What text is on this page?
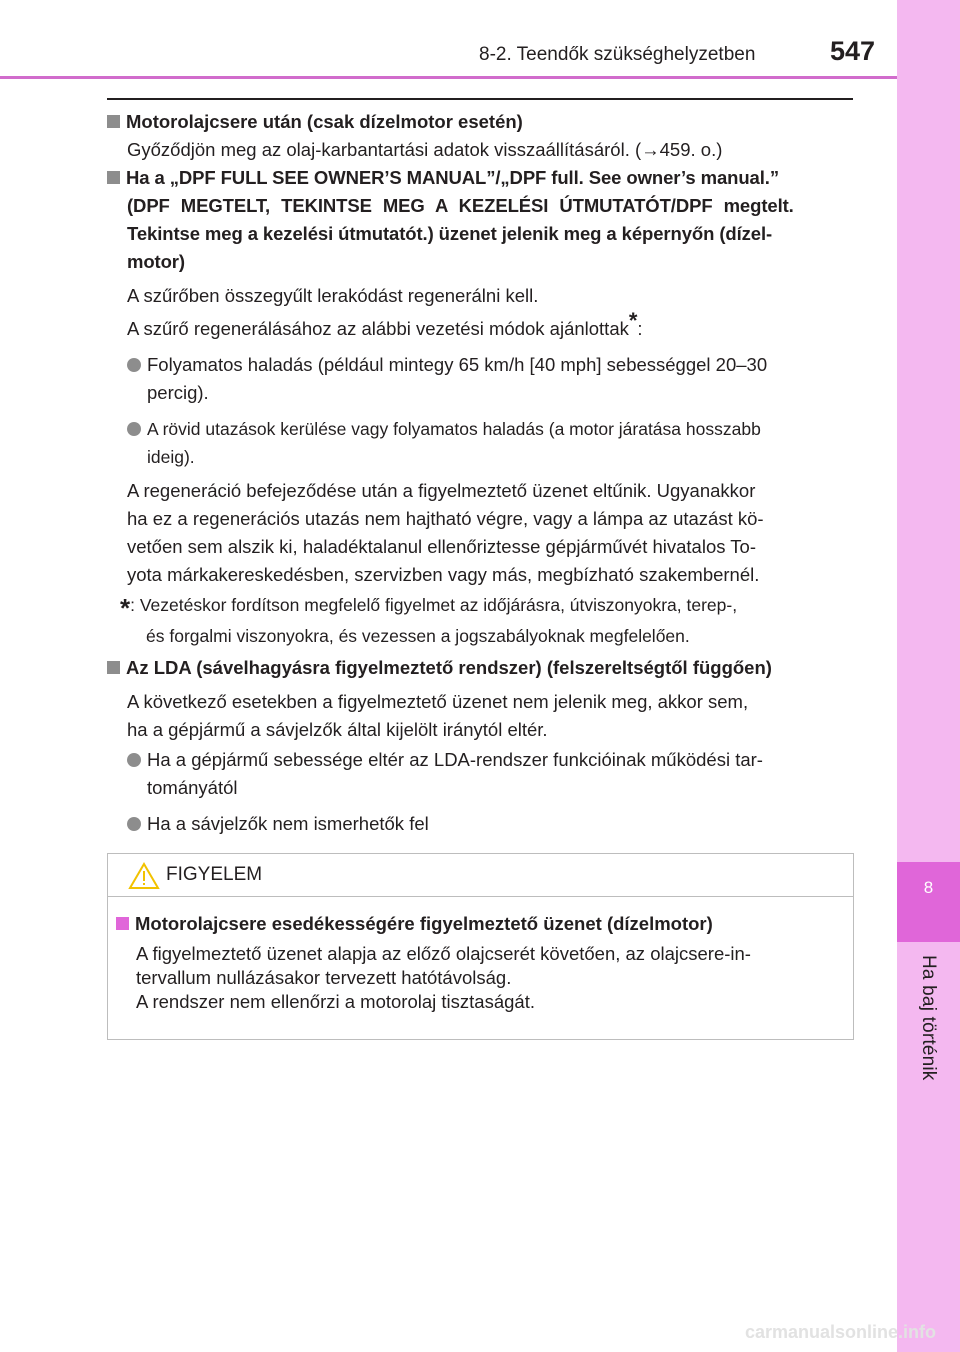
8
Ha baj történik
8-2. Teendők szükséghelyzetben	547
Motorolajcsere után (csak dízelmotor esetén)
Győződjön meg az olaj-karbantartási adatok visszaállításáról. (→459. o.)
Ha a „DPF FULL SEE OWNER’S MANUAL”/„DPF full. See owner’s manual.”
(DPF MEGTELT, TEKINTSE MEG A KEZELÉSI ÚTMUTATÓT/DPF megtelt.
Tekintse meg a kezelési útmutatót.) üzenet jelenik meg a képernyőn (dízel-
motor)
A szűrőben összegyűlt lerakódást regenerálni kell.
A szűrő regenerálásához az alábbi vezetési módok ajánlottak*:
Folyamatos haladás (például mintegy 65 km/h [40 mph] sebességgel 20–30
percig).
A rövid utazások kerülése vagy folyamatos haladás (a motor járatása hosszabb
ideig).
A regeneráció befejeződése után a figyelmeztető üzenet eltűnik. Ugyanakkor
ha ez a regenerációs utazás nem hajtható végre, vagy a lámpa az utazást kö-
vetően sem alszik ki, haladéktalanul ellenőriztesse gépjárművét hivatalos To-
yota márkakereskedésben, szervizben vagy más, megbízható szakembernél.
*: Vezetéskor fordítson megfelelő figyelmet az időjárásra, útviszonyokra, terep-,
és forgalmi viszonyokra, és vezessen a jogszabályoknak megfelelően.
Az LDA (sávelhagyásra figyelmeztető rendszer) (felszereltségtől függően)
A következő esetekben a figyelmeztető üzenet nem jelenik meg, akkor sem,
ha a gépjármű a sávjelzők által kijelölt iránytól eltér.
Ha a gépjármű sebessége eltér az LDA-rendszer funkcióinak működési tar-
tományától
Ha a sávjelzők nem ismerhetők fel
FIGYELEM
Motorolajcsere esedékességére figyelmeztető üzenet (dízelmotor)
A figyelmeztető üzenet alapja az előző olajcserét követően, az olajcsere-in-
tervallum nullázásakor tervezett hatótávolság.
A rendszer nem ellenőrzi a motorolaj tisztaságát.
carmanualsonline.info
